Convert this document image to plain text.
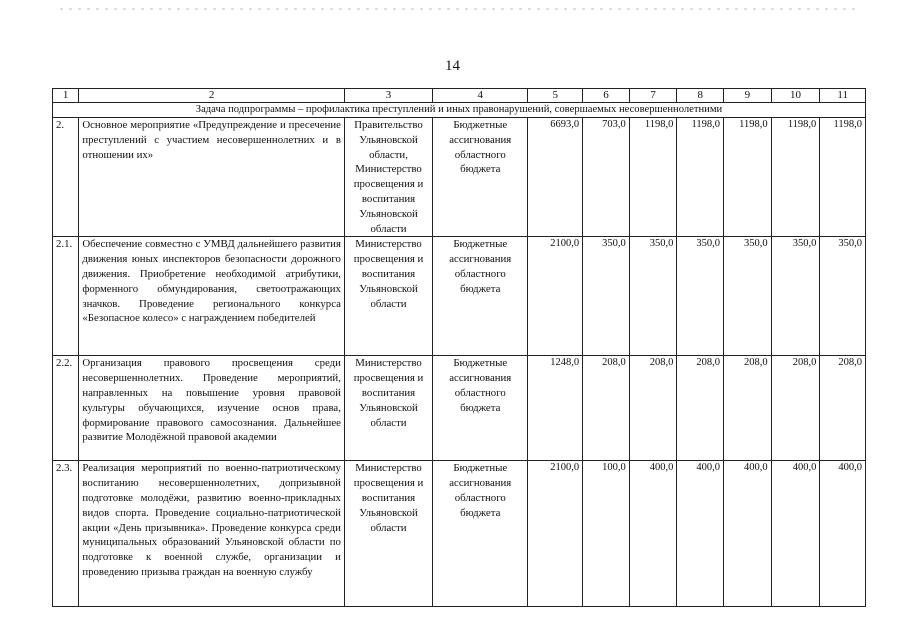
14
1	2	3	4	5	6	7	8	9	10	11
Задача подпрограммы – профилактика преступлений и иных правонарушений, совершаемых несовершеннолетними										
2.	Основное мероприятие «Предупреждение и пресечение преступлений с участием несовершеннолетних и в отношении их»	Правительство Ульяновской области, Министерство просвещения и воспитания Ульяновской области	Бюджетные ассигнования областного бюджета	6693,0	703,0	1198,0	1198,0	1198,0	1198,0	1198,0
2.1.	Обеспечение совместно с УМВД дальнейшего развития движения юных инспекторов безопасности дорожного движения. Приобретение необходимой атрибутики, форменного обмундирования, светоотражающих значков. Проведение регионального конкурса «Безопасное колесо» с награждением победителей	Министерство просвещения и воспитания Ульяновской области	Бюджетные ассигнования областного бюджета	2100,0	350,0	350,0	350,0	350,0	350,0	350,0
2.2.	Организация правового просвещения среди несовершеннолетних. Проведение мероприятий, направленных на повышение уровня правовой культуры обучающихся, изучение основ права, формирование правового самосознания. Дальнейшее развитие Молодёжной правовой академии	Министерство просвещения и воспитания Ульяновской области	Бюджетные ассигнования областного бюджета	1248,0	208,0	208,0	208,0	208,0	208,0	208,0
2.3.	Реализация мероприятий по военно-патриотическому воспитанию несовершеннолетних, допризывной подготовке молодёжи, развитию военно-прикладных видов спорта. Проведение социально-патриотической акции «День призывника». Проведение конкурса среди муниципальных образований Ульяновской области по подготовке к военной службе, организации и проведению призыва граждан на военную службу	Министерство просвещения и воспитания Ульяновской области	Бюджетные ассигнования областного бюджета	2100,0	100,0	400,0	400,0	400,0	400,0	400,0
